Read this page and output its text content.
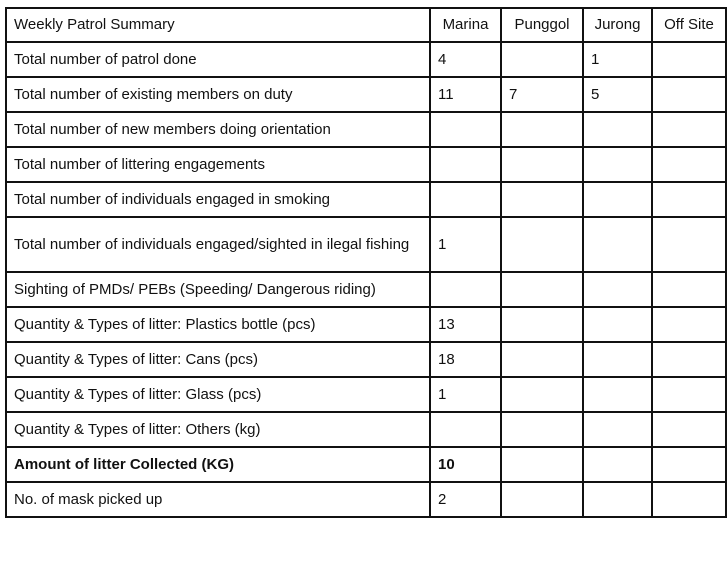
Weekly Patrol Summary	Marina	Punggol	Jurong	Off Site
Total number of patrol done	4		1	
Total number of existing members on duty	11	7	5	
Total number of new members doing orientation				
Total number of littering engagements				
Total number of individuals engaged in smoking				
Total number of individuals engaged/sighted in ilegal fishing	1			
Sighting of PMDs/ PEBs (Speeding/ Dangerous riding)				
Quantity & Types of litter: Plastics bottle (pcs)	13			
Quantity & Types of litter: Cans (pcs)	18			
Quantity & Types of litter: Glass (pcs)	1			
Quantity & Types of litter: Others (kg)				
Amount of litter Collected (KG)	10			
No. of mask picked up	2			
